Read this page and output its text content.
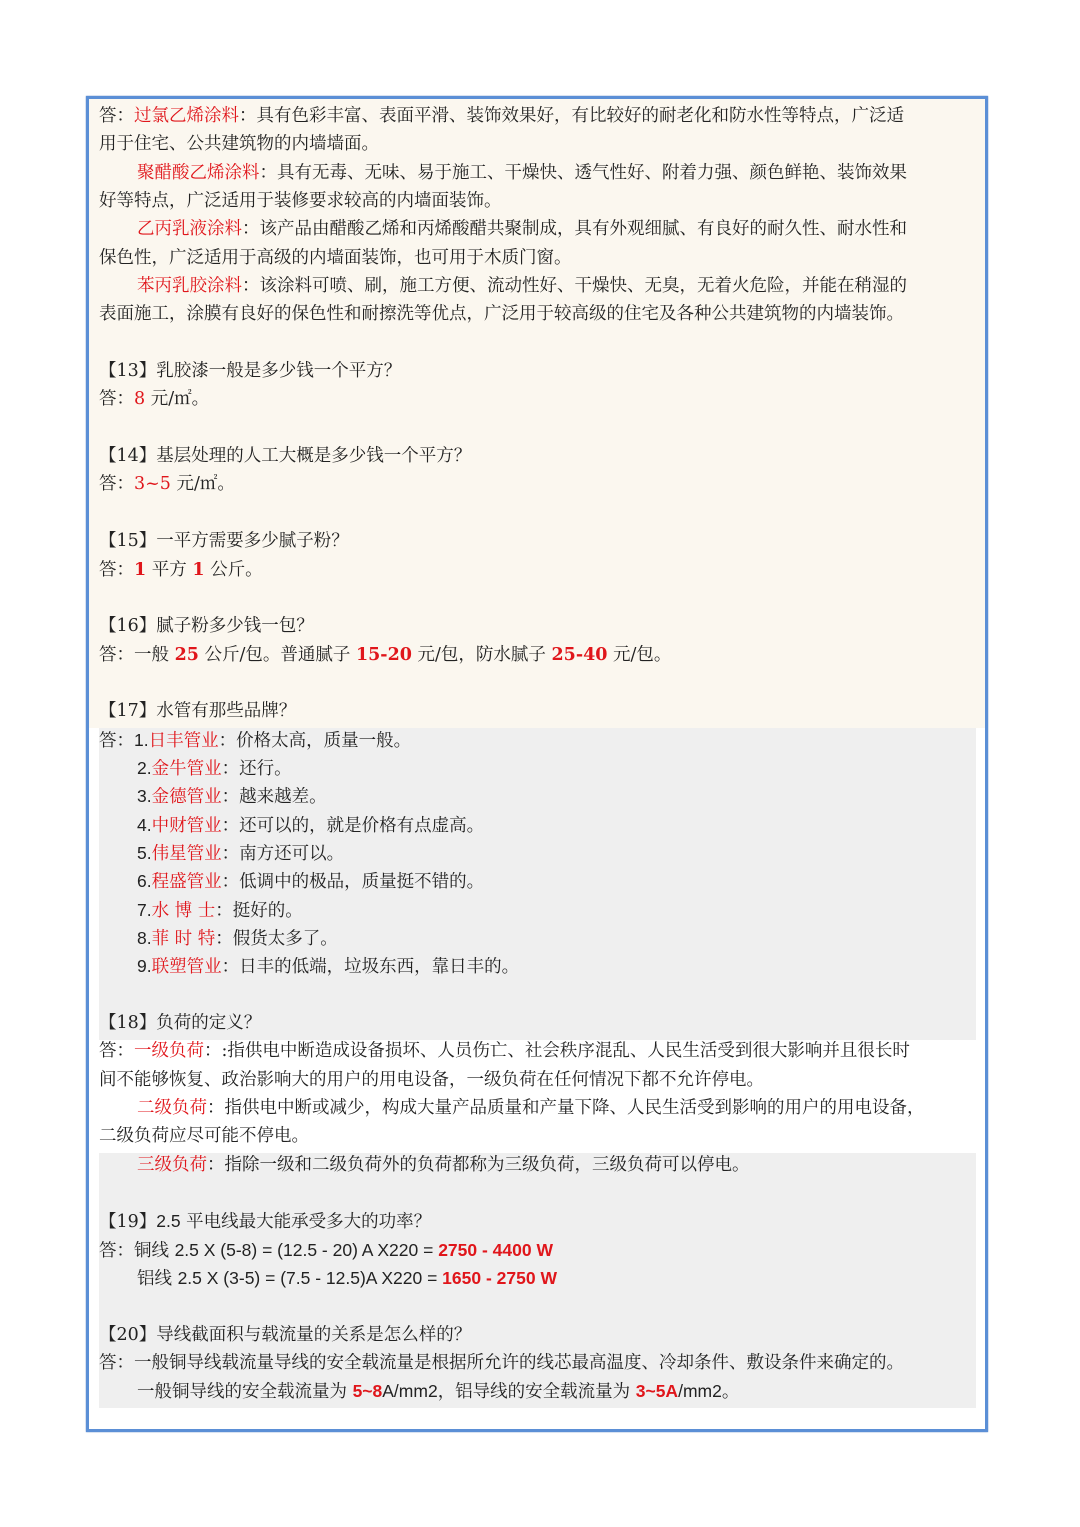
答：过氯乙烯涂料：具有色彩丰富、表面平滑、装饰效果好，有比较好的耐老化和防水性等特点，广泛适
用于住宅、公共建筑物的内墙墙面。
聚醋酸乙烯涂料：具有无毒、无味、易于施工、干燥快、透气性好、附着力强、颜色鲜艳、装饰效果
好等特点，广泛适用于装修要求较高的内墙面装饰。
乙丙乳液涂料：该产品由醋酸乙烯和丙烯酸醋共聚制成，具有外观细腻、有良好的耐久性、耐水性和
保色性，广泛适用于高级的内墙面装饰，也可用于木质门窗。
苯丙乳胶涂料：该涂料可喷、刷，施工方便、流动性好、干燥快、无臭，无着火危险，并能在稍湿的
表面施工，涂膜有良好的保色性和耐擦洗等优点，广泛用于较高级的住宅及各种公共建筑物的内墙装饰。
【13】乳胶漆一般是多少钱一个平方？
答：8 元/㎡。
【14】基层处理的人工大概是多少钱一个平方？
答：3~5 元/㎡。
【15】一平方需要多少腻子粉？
答：1 平方 1 公斤。
【16】腻子粉多少钱一包？
答：一般 25 公斤/包。普通腻子 15-20 元/包，防水腻子 25-40 元/包。
【17】水管有那些品牌？
答：1.日丰管业：价格太高，质量一般。
2.金牛管业：还行。
3.金德管业：越来越差。
4.中财管业：还可以的，就是价格有点虚高。
5.伟星管业：南方还可以。
6.程盛管业：低调中的极品，质量挺不错的。
7.水 博 士：挺好的。
8.菲 时 特：假货太多了。
9.联塑管业：日丰的低端，垃圾东西，靠日丰的。
【18】负荷的定义？
答：一级负荷：:指供电中断造成设备损坏、人员伤亡、社会秩序混乱、人民生活受到很大影响并且很长时
间不能够恢复、政治影响大的用户的用电设备，一级负荷在任何情况下都不允许停电。
二级负荷：指供电中断或减少，构成大量产品质量和产量下降、人民生活受到影响的用户的用电设备，
二级负荷应尽可能不停电。
三级负荷：指除一级和二级负荷外的负荷都称为三级负荷，三级负荷可以停电。
【19】2.5 平电线最大能承受多大的功率？
答：铜线 2.5 X (5-8) = (12.5 - 20) A X220 = 2750 - 4400 W
铝线 2.5 X (3-5) = (7.5 - 12.5)A X220 = 1650 - 2750 W
【20】导线截面积与载流量的关系是怎么样的？
答：一般铜导线载流量导线的安全载流量是根据所允许的线芯最高温度、冷却条件、敷设条件来确定的。
一般铜导线的安全载流量为 5~8A/mm2，铝导线的安全载流量为 3~5A/mm2。
